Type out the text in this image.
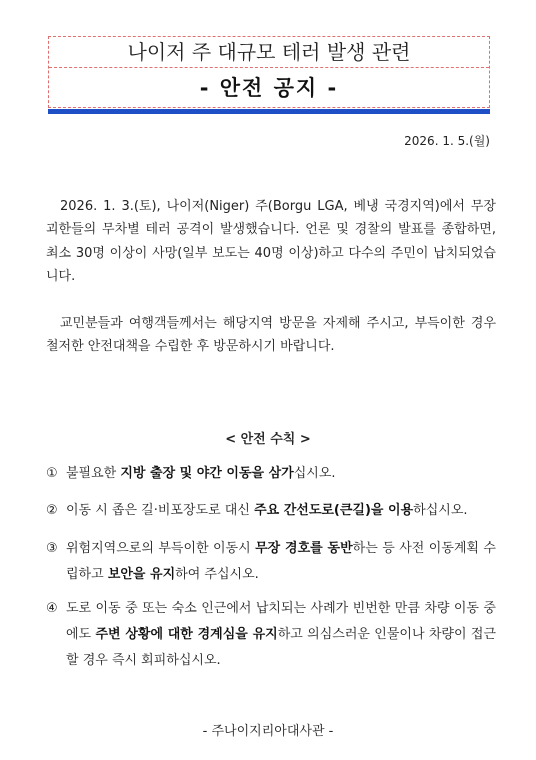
나이저 주 대규모 테러 발생 관련
- 안전 공지 -
2026. 1. 5.(월)

2026. 1. 3.(토), 나이저(Niger) 주(Borgu LGA, 베냉 국경지역)에서 무장 괴한들의 무차별 테러 공격이 발생했습니다. 언론 및 경찰의 발표를 종합하면, 최소 30명 이상이 사망(일부 보도는 40명 이상)하고 다수의 주민이 납치되었습니다.

교민분들과 여행객들께서는 해당지역 방문을 자제해 주시고, 부득이한 경우 철저한 안전대책을 수립한 후 방문하시기 바랍니다.

< 안전 수칙 >
① 불필요한 지방 출장 및 야간 이동을 삼가십시오.
② 이동 시 좁은 길·비포장도로 대신 주요 간선도로(큰길)을 이용하십시오.
③ 위험지역으로의 부득이한 이동시 무장 경호를 동반하는 등 사전 이동계획 수립하고 보안을 유지하여 주십시오.
④ 도로 이동 중 또는 숙소 인근에서 납치되는 사례가 빈번한 만큼 차량 이동 중에도 주변 상황에 대한 경계심을 유지하고 의심스러운 인물이나 차량이 접근할 경우 즉시 회피하십시오.
- 주나이지리아대사관 -
